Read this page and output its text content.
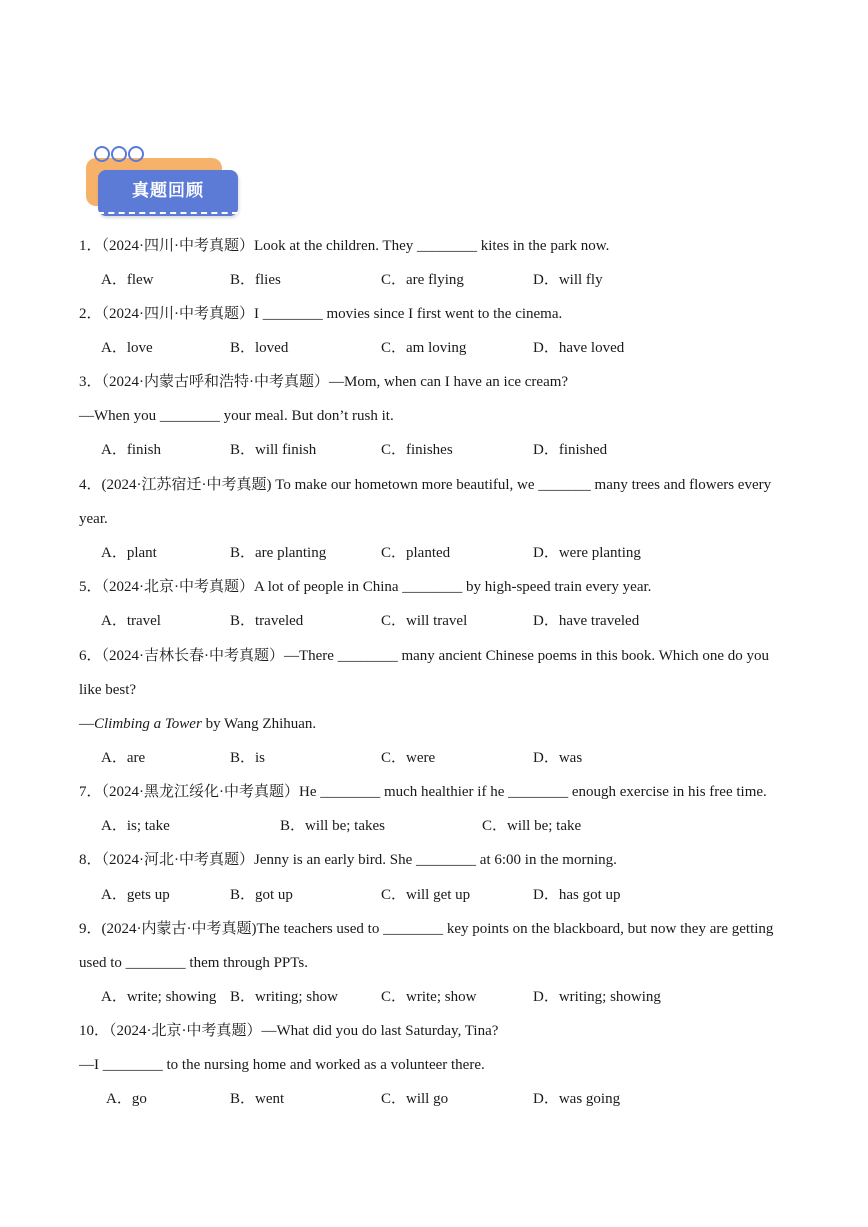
真题回顾
1．（2024·四川·中考真题）Look at the children. They ________ kites in the park now.
A．flew	B．flies	C．are flying	D．will fly
2．（2024·四川·中考真题）I ________ movies since I first went to the cinema.
A．love	B．loved	C．am loving	D．have loved
3．（2024·内蒙古呼和浩特·中考真题）—Mom, when can I have an ice cream?
—When you ________ your meal. But don’t rush it.
A．finish	B．will finish	C．finishes	D．finished
4．(2024·江苏宿迁·中考真题) To make our hometown more beautiful, we _______ many trees and flowers every
year.
A．plant	B．are planting	C．planted	D．were planting
5．（2024·北京·中考真题）A lot of people in China ________ by high-speed train every year.
A．travel	B．traveled	C．will travel	D．have traveled
6．（2024·吉林长春·中考真题）—There ________ many ancient Chinese poems in this book. Which one do you
like best?
—Climbing a Tower by Wang Zhihuan.
A．are	B．is	C．were	D．was
7．（2024·黑龙江绥化·中考真题）He ________ much healthier if he ________ enough exercise in his free time.
A．is; take	B．will be; takes	C．will be; take
8．（2024·河北·中考真题）Jenny is an early bird. She ________ at 6:00 in the morning.
A．gets up	B．got up	C．will get up	D．has got up
9．(2024·内蒙古·中考真题)The teachers used to ________ key points on the blackboard, but now they are getting
used to ________ them through PPTs.
A．write; showing B．writing; show	C．write; show	D．writing; showing
10．（2024·北京·中考真题）—What did you do last Saturday, Tina?
—I ________ to the nursing home and worked as a volunteer there.
A．go	B．went	C．will go	D．was going
